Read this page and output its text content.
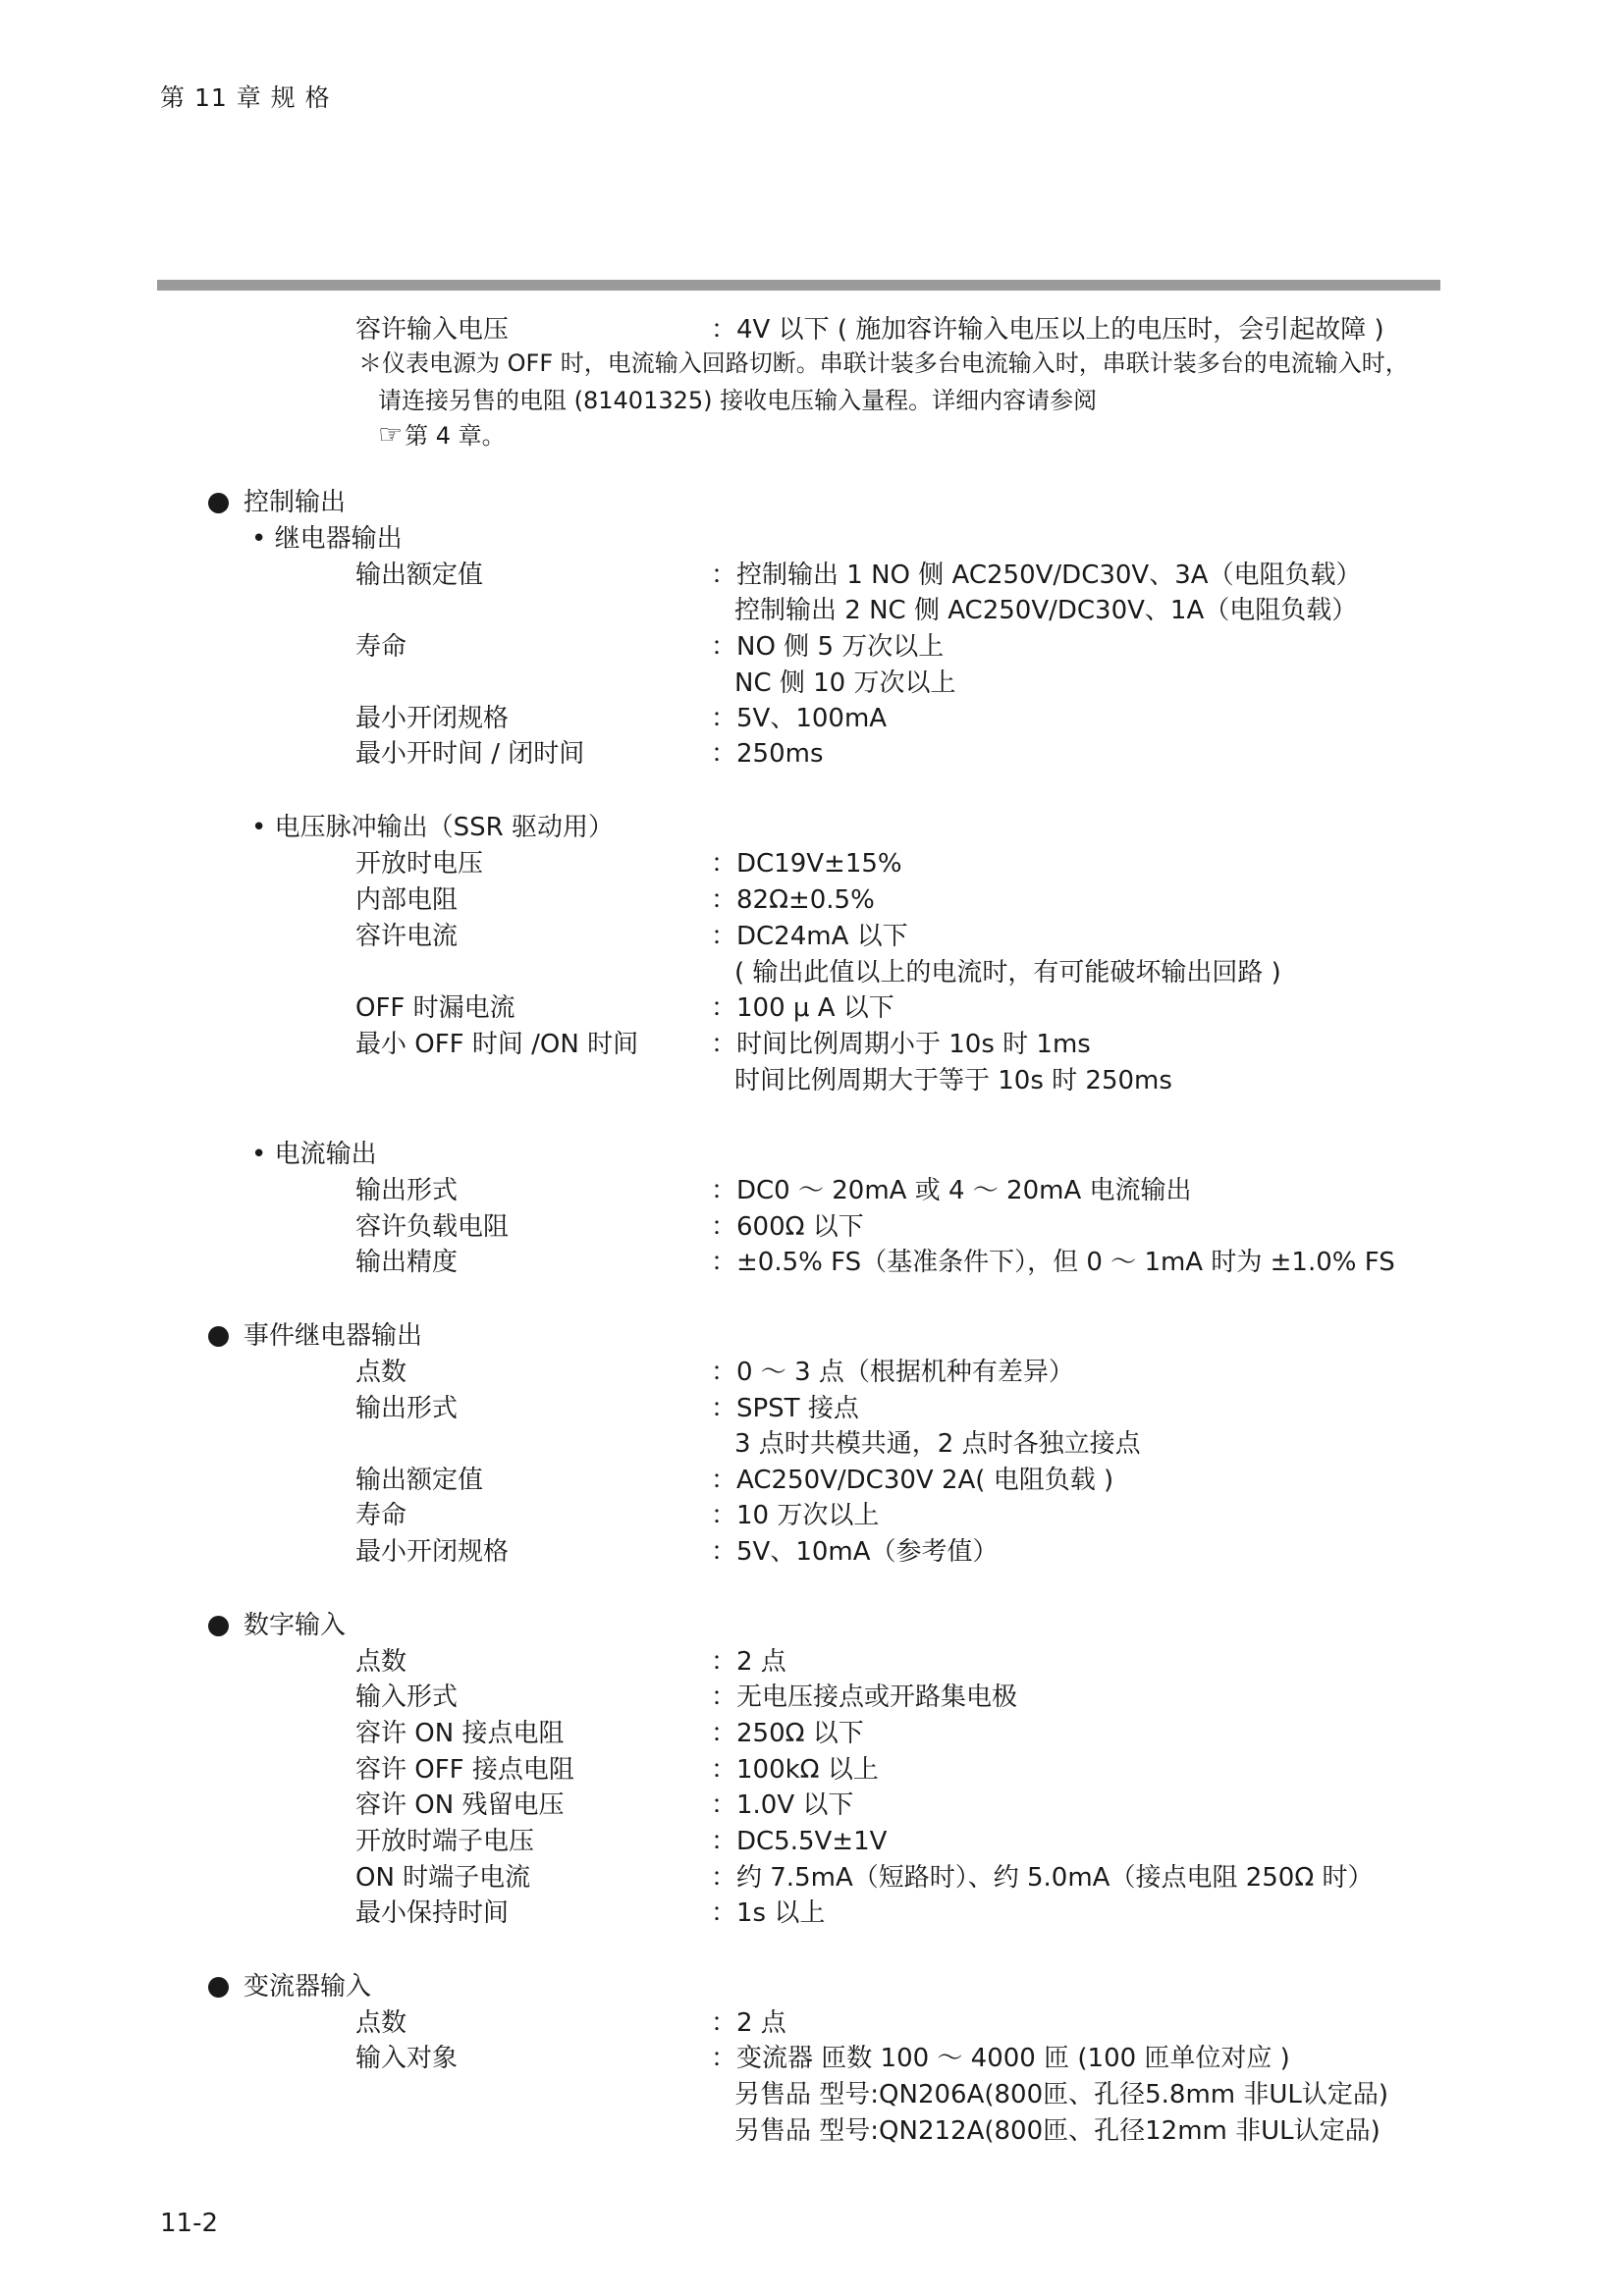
第 11 章 规 格
容许输入电压	：4V 以下 ( 施加容许输入电压以上的电压时，会引起故障 )
＊仪表电源为 OFF 时，电流输入回路切断。串联计装多台电流输入时，串联计装多台的电流输入时，
请连接另售的电阻 (81401325) 接收电压输入量程。详细内容请参阅
☞第 4 章。
控制输出
• 继电器输出
输出额定值	：控制输出 1 NO 侧 AC250V/DC30V、3A（电阻负载）
控制输出 2 NC 侧 AC250V/DC30V、1A（电阻负载）
寿命	：NO 侧 5 万次以上
NC 侧 10 万次以上
最小开闭规格	：5V、100mA
最小开时间 / 闭时间	：250ms
• 电压脉冲输出（SSR 驱动用）
开放时电压	：DC19V±15%
内部电阻	：82Ω±0.5%
容许电流	：DC24mA 以下
( 输出此值以上的电流时，有可能破坏输出回路 )
OFF 时漏电流	：100 μ A 以下
最小 OFF 时间 /ON 时间	：时间比例周期小于 10s 时 1ms
时间比例周期大于等于 10s 时 250ms
• 电流输出
输出形式	：DC0 ～ 20mA 或 4 ～ 20mA 电流输出
容许负载电阻	：600Ω 以下
输出精度	：±0.5% FS（基准条件下），但 0 ～ 1mA 时为 ±1.0% FS
事件继电器输出
点数	：0 ～ 3 点（根据机种有差异）
输出形式	：SPST 接点
3 点时共模共通，2 点时各独立接点
输出额定值	：AC250V/DC30V 2A( 电阻负载 )
寿命	：10 万次以上
最小开闭规格	：5V、10mA（参考值）
数字输入
点数	：2 点
输入形式	：无电压接点或开路集电极
容许 ON 接点电阻	：250Ω 以下
容许 OFF 接点电阻	：100kΩ 以上
容许 ON 残留电压	：1.0V 以下
开放时端子电压	：DC5.5V±1V
ON 时端子电流	：约 7.5mA（短路时）、约 5.0mA（接点电阻 250Ω 时）
最小保持时间	：1s 以上
变流器输入
点数	：2 点
输入对象	：变流器 匝数 100 ～ 4000 匝 (100 匝单位对应 )
另售品 型号:QN206A(800匝、孔径5.8mm 非UL认定品)
另售品 型号:QN212A(800匝、孔径12mm 非UL认定品)
11-2
